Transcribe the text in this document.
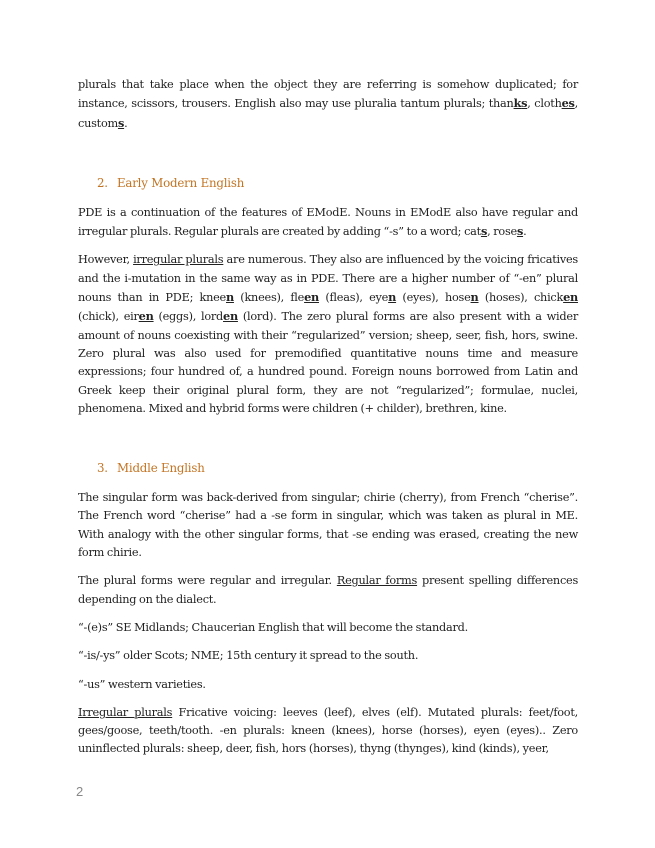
plurals that take place when the object they are referring is somehow duplicated; for instance, scissors, trousers. English also may use pluralia tantum plurals; thanks, clothes, customs.

2. Early Modern English

PDE is a continuation of the features of EModE. Nouns in EModE also have regular and irregular plurals. Regular plurals are created by adding “-s” to a word; cats, roses.

However, irregular plurals are numerous. They also are influenced by the voicing fricatives and the i-mutation in the same way as in PDE. There are a higher number of “-en” plural nouns than in PDE; kneen (knees), fleen (fleas), eyen (eyes), hosen (hoses), chicken (chick), eiren (eggs), lorden (lord). The zero plural forms are also present with a wider amount of nouns coexisting with their “regularized” version; sheep, seer, fish, hors, swine. Zero plural was also used for premodified quantitative nouns time and measure expressions; four hundred of, a hundred pound. Foreign nouns borrowed from Latin and Greek keep their original plural form, they are not “regularized”; formulae, nuclei, phenomena. Mixed and hybrid forms were children (+ childer), brethren, kine.

3. Middle English

The singular form was back-derived from singular; chirie (cherry), from French “cherise”. The French word “cherise” had a -se form in singular, which was taken as plural in ME. With analogy with the other singular forms, that -se ending was erased, creating the new form chirie.

The plural forms were regular and irregular. Regular forms present spelling differences depending on the dialect.

“-(e)s” SE Midlands; Chaucerian English that will become the standard.

“-is/-ys” older Scots; NME; 15th century it spread to the south.

“-us” western varieties.

Irregular plurals Fricative voicing: leeves (leef), elves (elf). Mutated plurals: feet/foot, gees/goose, teeth/tooth. -en plurals: kneen (knees), horse (horses), eyen (eyes).. Zero uninflected plurals: sheep, deer, fish, hors (horses), thyng (thynges), kind (kinds), yeer,

2
